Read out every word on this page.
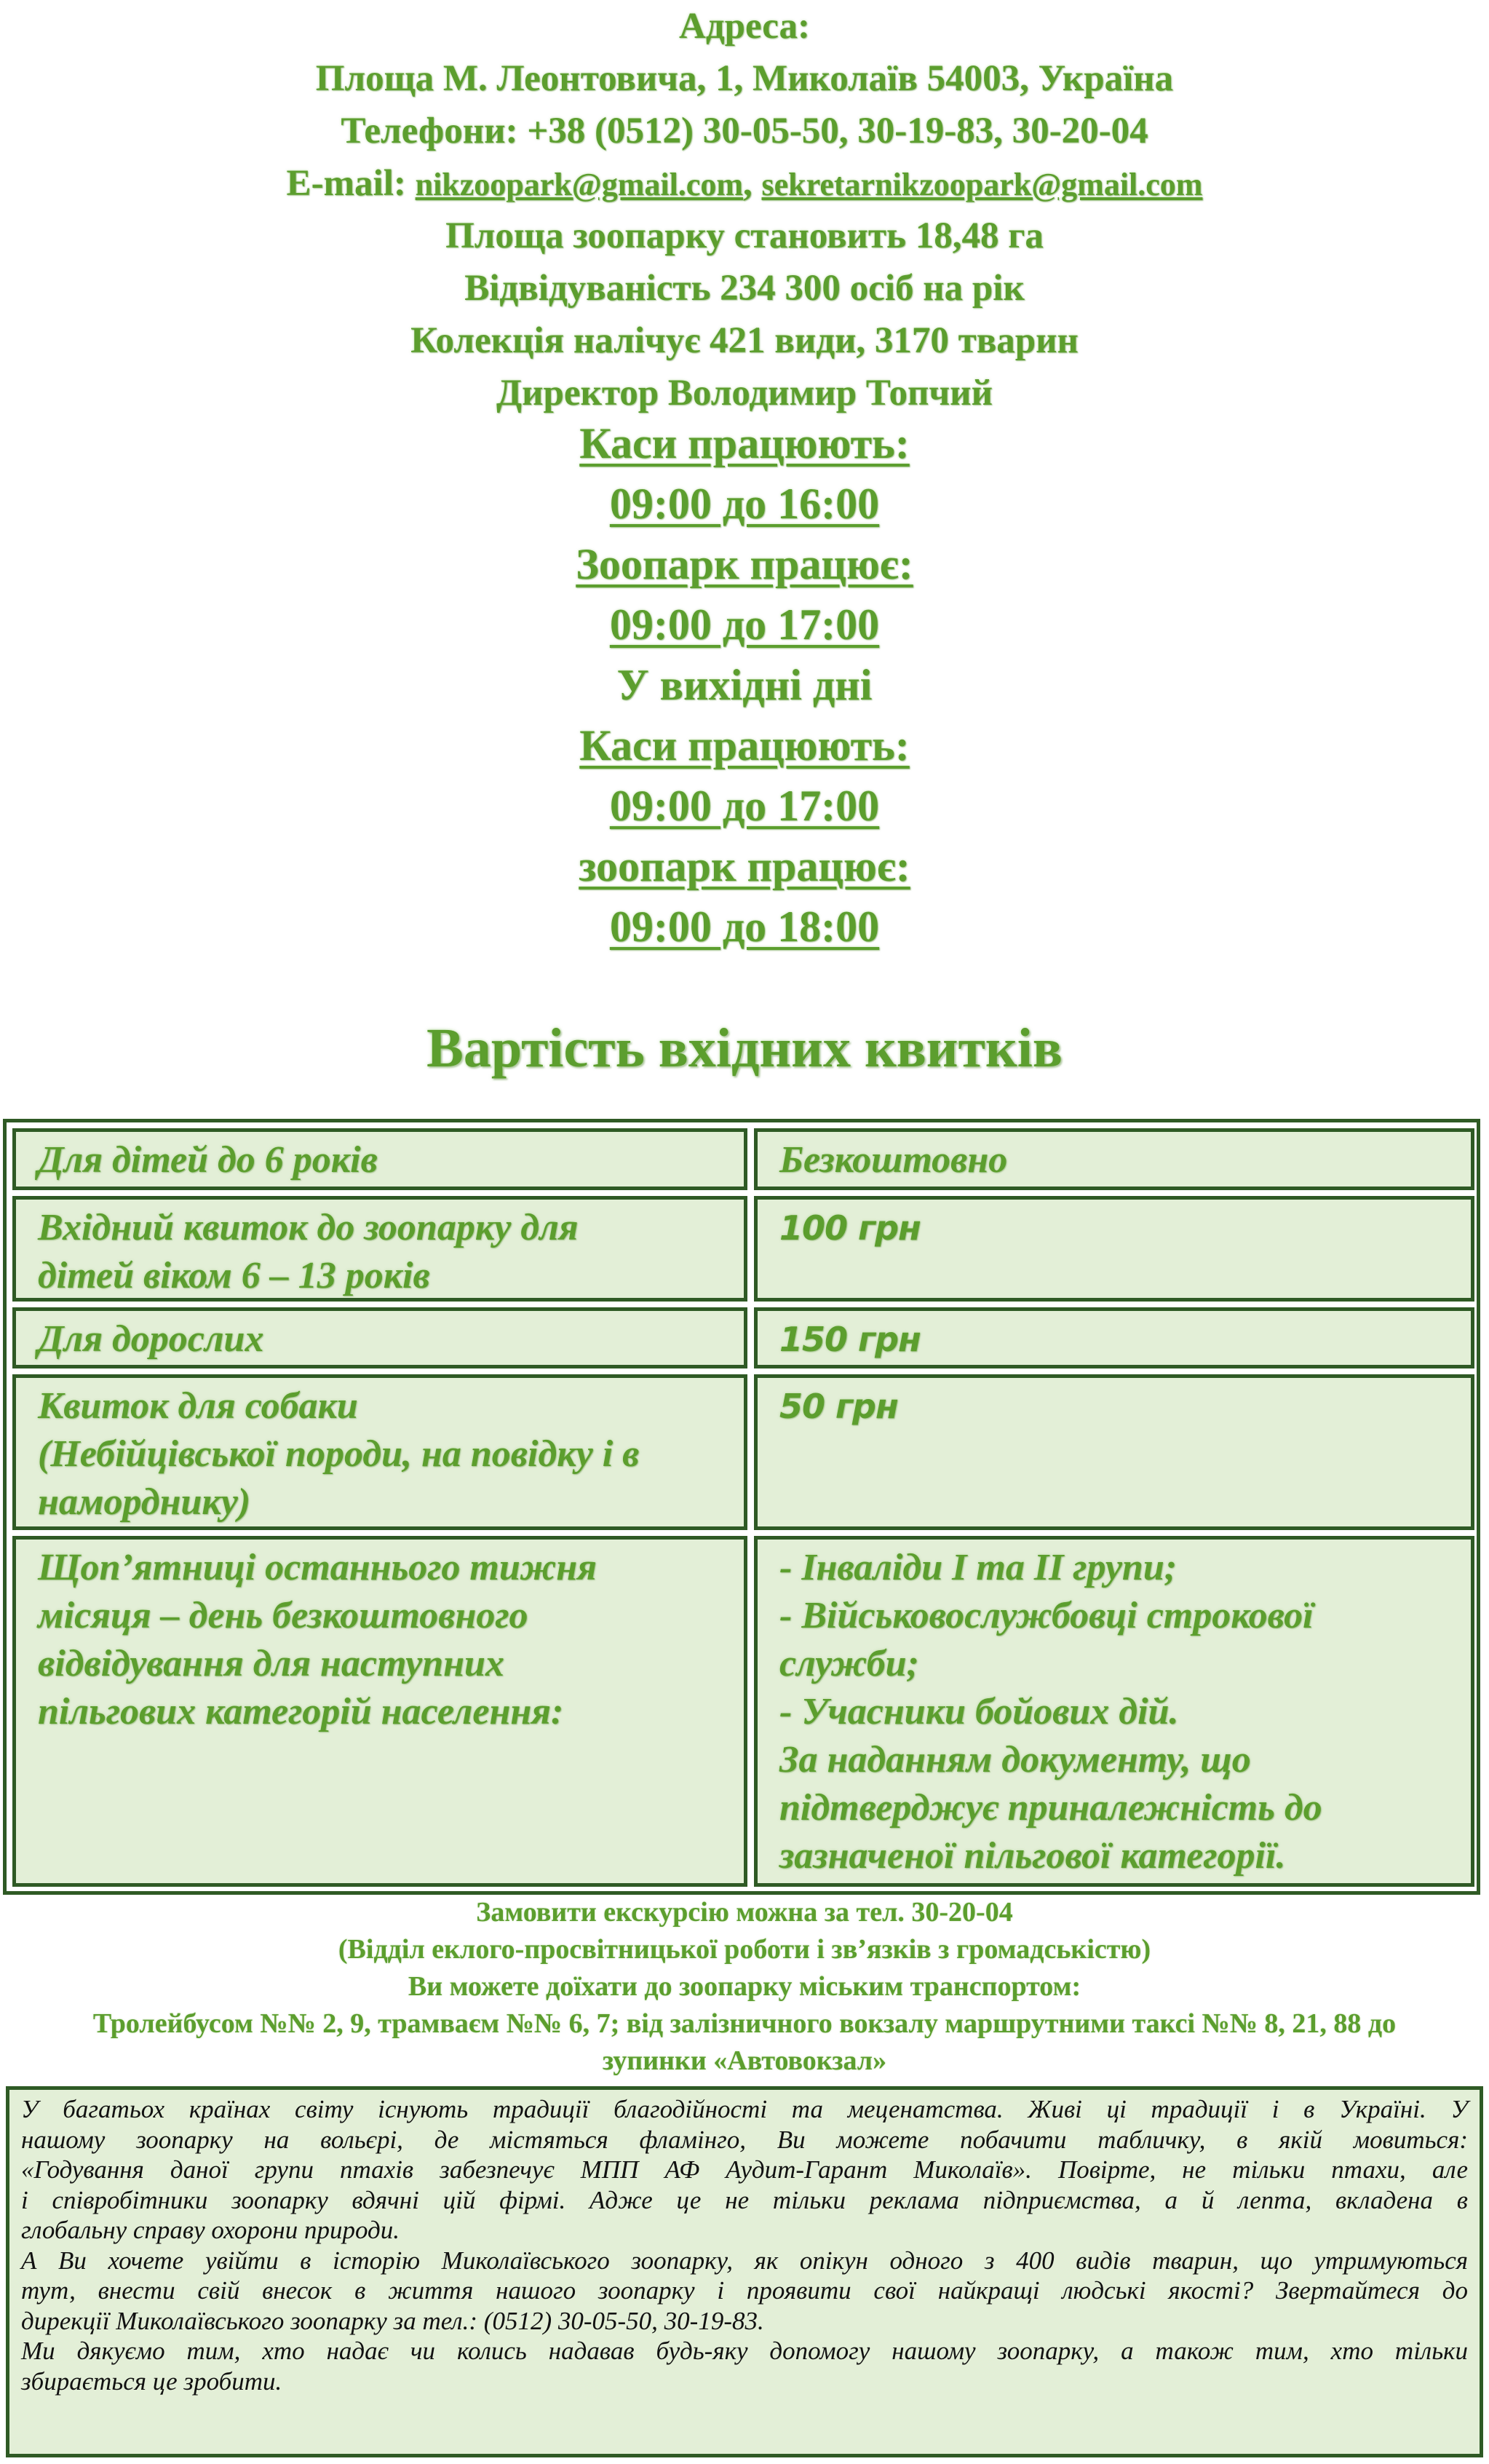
Адреса:
Площа М. Леонтовича, 1, Миколаїв 54003, Україна
Телефони: +38 (0512) 30-05-50, 30-19-83, 30-20-04
E-mail: nikzoopark@gmail.com, sekretarnikzoopark@gmail.com
Площа зоопарку становить 18,48 га
Відвідуваність 234 300 осіб на рік
Колекція налічує 421 види, 3170 тварин
Директор Володимир Топчий
Каси працюють:
09:00 до 16:00
Зоопарк працює:
09:00 до 17:00
У вихідні дні
Каси працюють:
09:00 до 17:00
зоопарк працює:
09:00 до 18:00
Вартість вхідних квитків
Для дітей до 6 років	Безкоштовно
Вхідний квиток до зоопарку для
дітей віком 6 – 13 років
100 грн
Для дорослих	150 грн
Квиток для собаки
(Небійцівської породи, на повідку і в
наморднику)
50 грн
Щоп’ятниці останнього тижня
місяця – день безкоштовного
відвідування для наступних
пільгових категорій населення:
- Інваліди І та ІІ групи;
- Військовослужбовці строкової
служби;
- Учасники бойових дій.
За наданням документу, що
підтверджує приналежність до
зазначеної пільгової категорії.
Замовити екскурсію можна за тел. 30-20-04
(Відділ еклого-просвітницької роботи і зв’язків з громадськістю)
Ви можете доїхати до зоопарку міським транспортом:
Тролейбусом №№ 2, 9, трамваєм №№ 6, 7; від залізничного вокзалу маршрутними таксі №№ 8, 21, 88 до
зупинки «Автовокзал»
У багатьох країнах світу існують традиції благодійності та меценатства. Живі ці традиції і в Україні. У
нашому зоопарку на вольєрі, де містяться фламінго, Ви можете побачити табличку, в якій мовиться:
«Годування даної групи птахів забезпечує МПП АФ Аудит-Гарант Миколаїв». Повірте, не тільки птахи, але
і співробітники зоопарку вдячні цій фірмі. Адже це не тільки реклама підприємства, а й лепта, вкладена в
глобальну справу охорони природи.
А Ви хочете увійти в історію Миколаївського зоопарку, як опікун одного з 400 видів тварин, що утримуються
тут, внести свій внесок в життя нашого зоопарку і проявити свої найкращі людські якості? Звертайтеся до
дирекції Миколаївського зоопарку за тел.: (0512) 30-05-50, 30-19-83.
Ми дякуємо тим, хто надає чи колись надавав будь-яку допомогу нашому зоопарку, а також тим, хто тільки
збирається це зробити.
